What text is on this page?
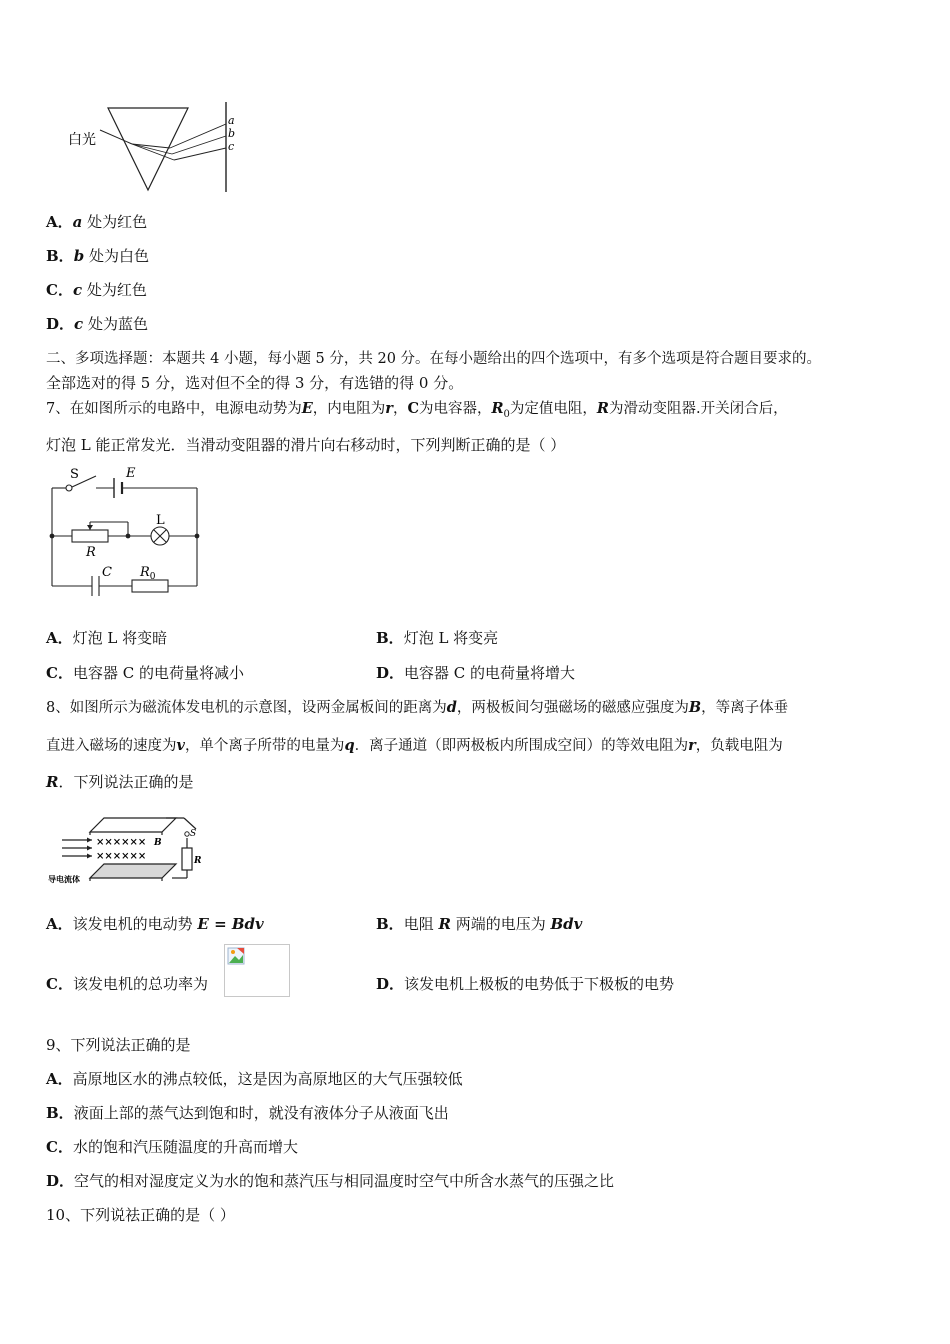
白光
a
b
c
A．a 处为红色
B．b 处为白色
C．c 处为红色
D．c 处为蓝色
二、多项选择题：本题共 4 小题，每小题 5 分，共 20 分。在每小题给出的四个选项中，有多个选项是符合题目要求的。
全部选对的得 5 分，选对但不全的得 3 分，有选错的得 0 分。
7、在如图所示的电路中，电源电动势为E，内电阻为r，C为电容器，$R_0$为定值电阻，R为滑动变阻器.开关闭合后，
灯泡 L 能正常发光．当滑动变阻器的滑片向右移动时，下列判断正确的是（ ）
S	E
L
R
C $R_0$
A．灯泡 L 将变暗	B．灯泡 L 将变亮
C．电容器 C 的电荷量将减小	D．电容器 C 的电荷量将增大
8、如图所示为磁流体发电机的示意图，设两金属板间的距离为d，两极板间匀强磁场的磁感应强度为B，等离子体垂
直进入磁场的速度为v，单个离子所带的电量为q．离子通道（即两极板内所围成空间）的等效电阻为r，负载电阻为
R．下列说法正确的是
××××××
××××××
B
S
R
导电流体
A．该发电机的电动势 E = Bdv	B．电阻 R 两端的电压为 Bdv
C．该发电机的总功率为	D．该发电机上极板的电势低于下极板的电势
9、下列说法正确的是
A．高原地区水的沸点较低，这是因为高原地区的大气压强较低
B．液面上部的蒸气达到饱和时，就没有液体分子从液面飞出
C．水的饱和汽压随温度的升高而增大
D．空气的相对湿度定义为水的饱和蒸汽压与相同温度时空气中所含水蒸气的压强之比
10、下列说祛正确的是（ ）
